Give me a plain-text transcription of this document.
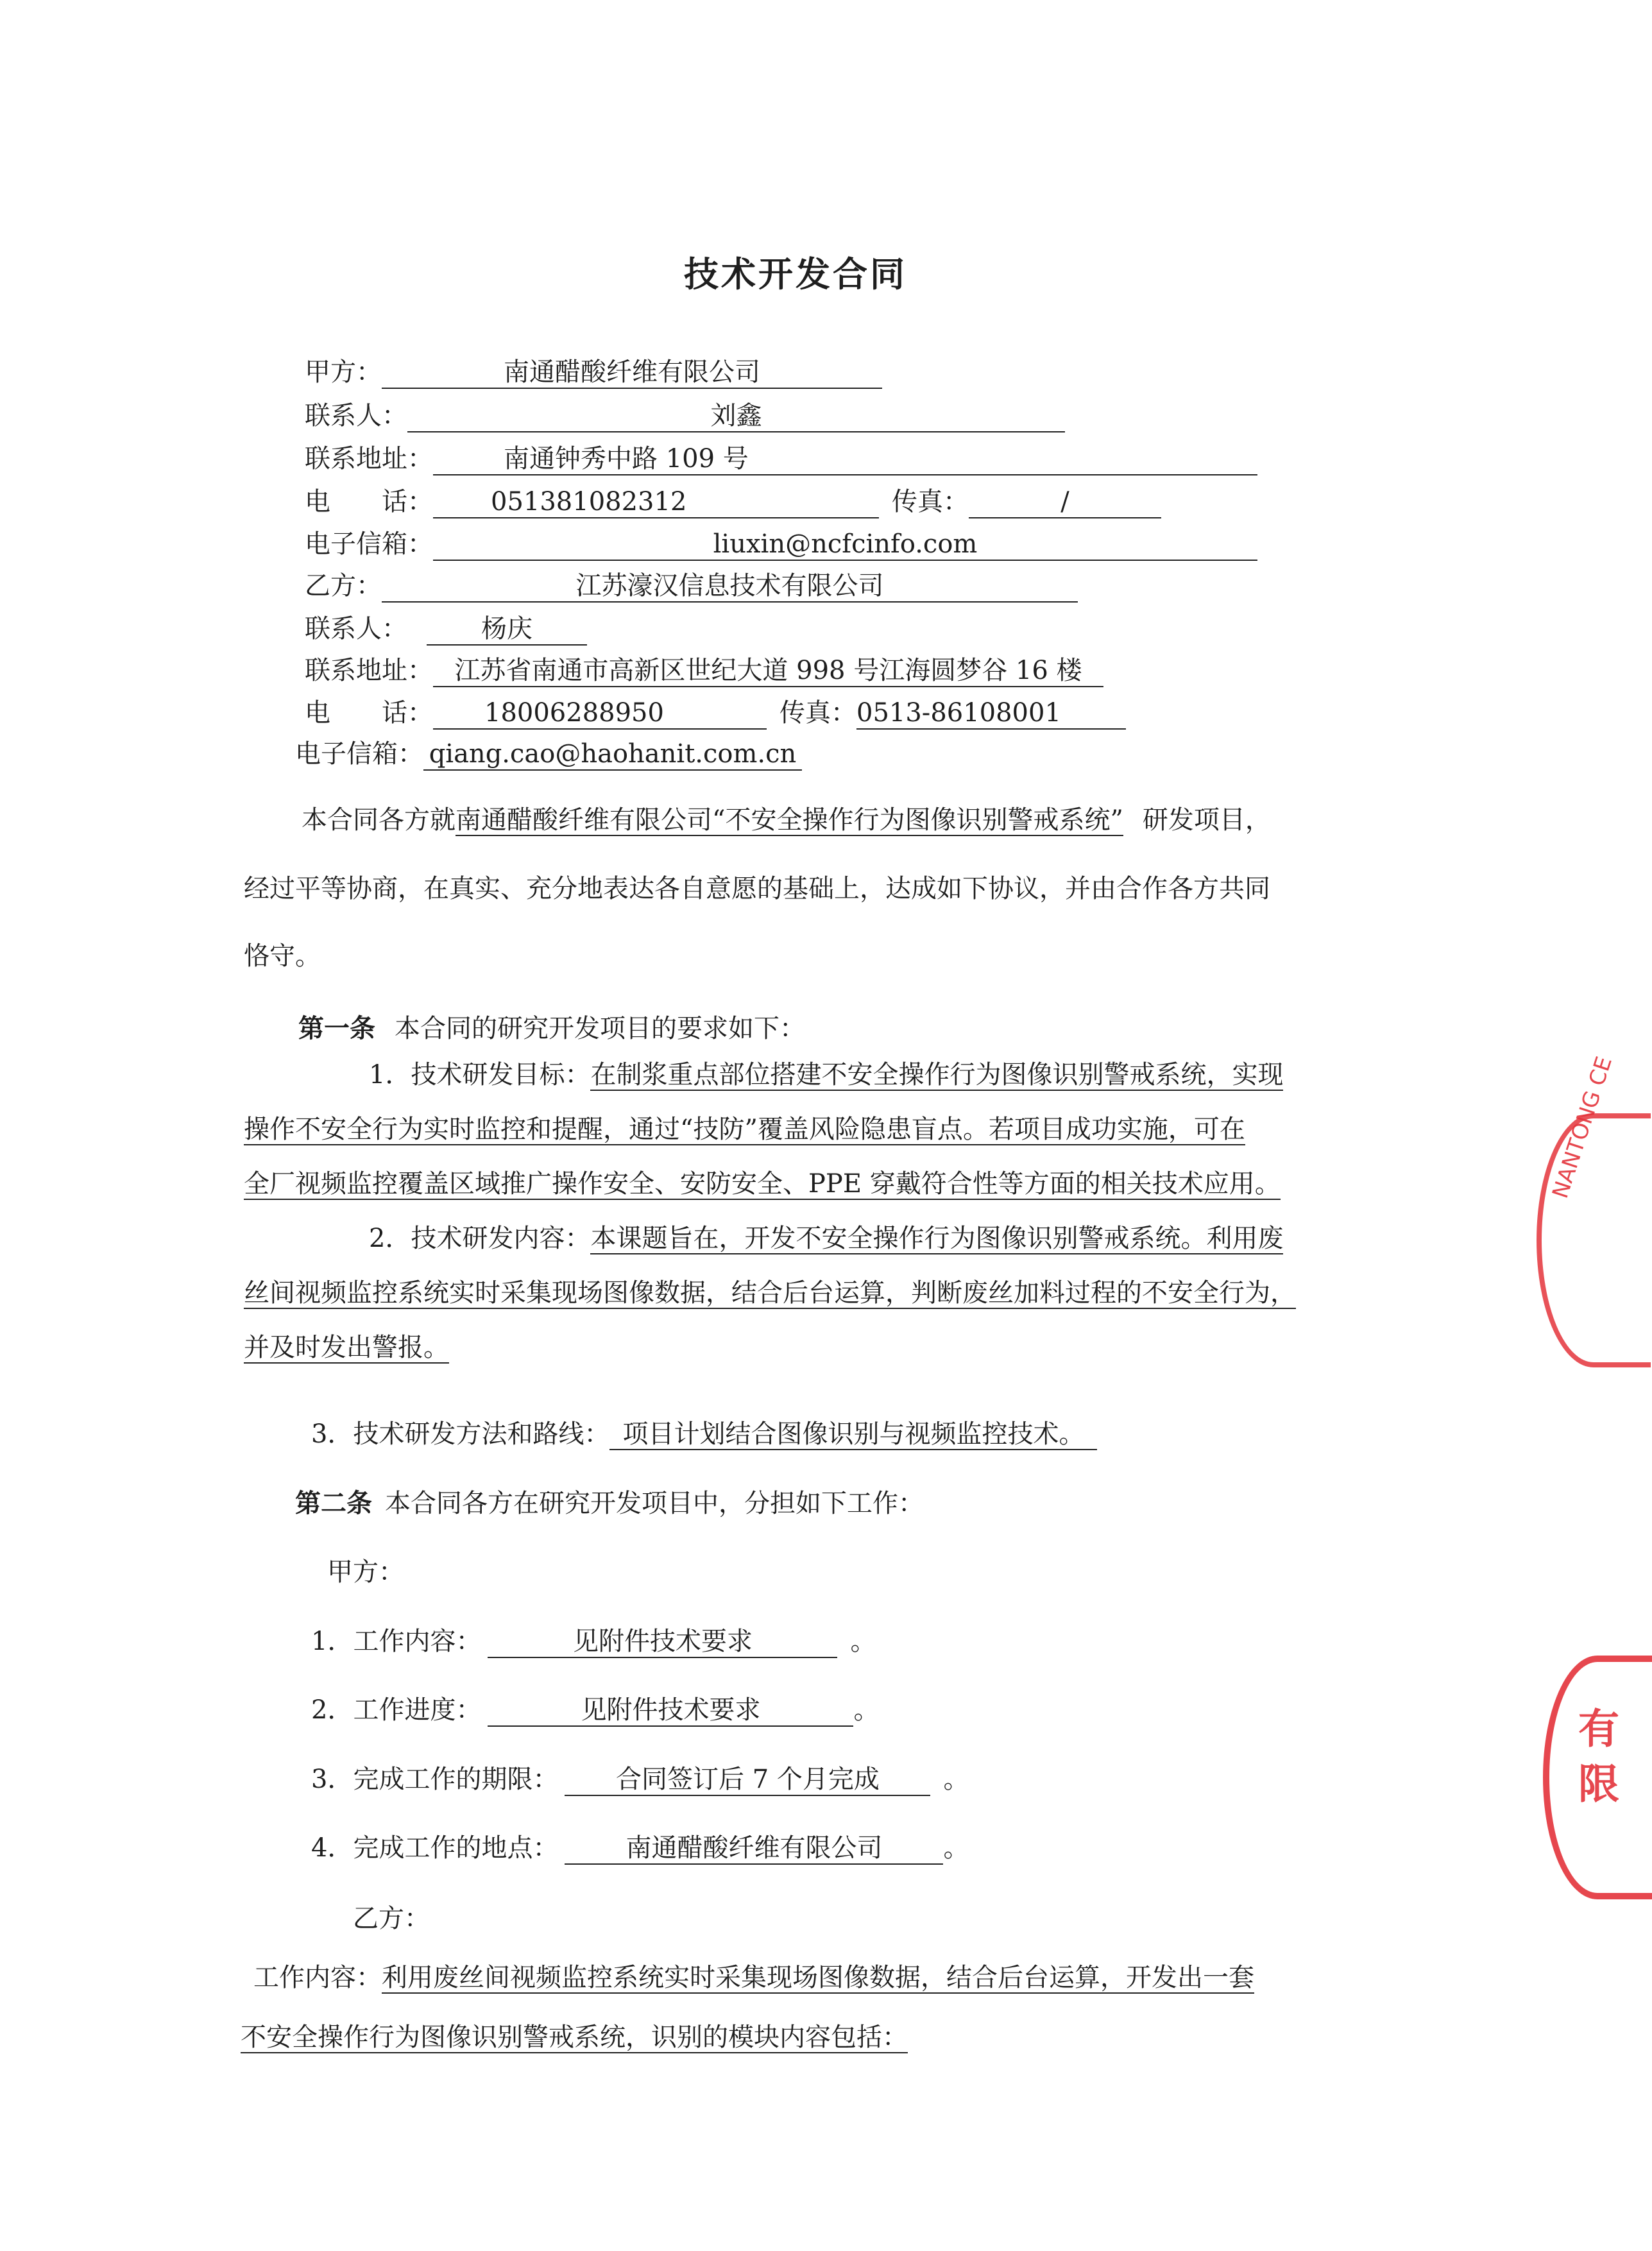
技术开发合同
甲方：	南通醋酸纤维有限公司
联系人：	刘鑫
联系地址：	南通钟秀中路 109 号
电　　话： 051381082312	传真：	/
电子信箱：	liuxin@ncfcinfo.com
乙方：	江苏濠汉信息技术有限公司
联系人：	杨庆
联系地址： 江苏省南通市高新区世纪大道 998 号江海圆梦谷 16 楼
电　　话： 18006288950	传真：0513-86108001
电子信箱： qiang.cao@haohanit.com.cn
本合同各方就南通醋酸纤维有限公司“不安全操作行为图像识别警戒系统” 研发项目，
经过平等协商，在真实、充分地表达各自意愿的基础上，达成如下协议，并由合作各方共同
恪守。
第一条 本合同的研究开发项目的要求如下：
1．技术研发目标：在制浆重点部位搭建不安全操作行为图像识别警戒系统，实现
操作不安全行为实时监控和提醒，通过“技防”覆盖风险隐患盲点。若项目成功实施，可在
全厂视频监控覆盖区域推广操作安全、安防安全、PPE 穿戴符合性等方面的相关技术应用。
2．技术研发内容：本课题旨在，开发不安全操作行为图像识别警戒系统。利用废
丝间视频监控系统实时采集现场图像数据，结合后台运算，判断废丝加料过程的不安全行为，
并及时发出警报。
3．技术研发方法和路线： 项目计划结合图像识别与视频监控技术。
第二条 本合同各方在研究开发项目中，分担如下工作：
甲方：
1．工作内容：	见附件技术要求	。
2．工作进度：	见附件技术要求	。
3．完成工作的期限： 合同签订后 7 个月完成 。
4．完成工作的地点：	南通醋酸纤维有限公司 。
乙方：
工作内容：利用废丝间视频监控系统实时采集现场图像数据，结合后台运算，开发出一套
不安全操作行为图像识别警戒系统，识别的模块内容包括：
NANTONG CE
有 限
